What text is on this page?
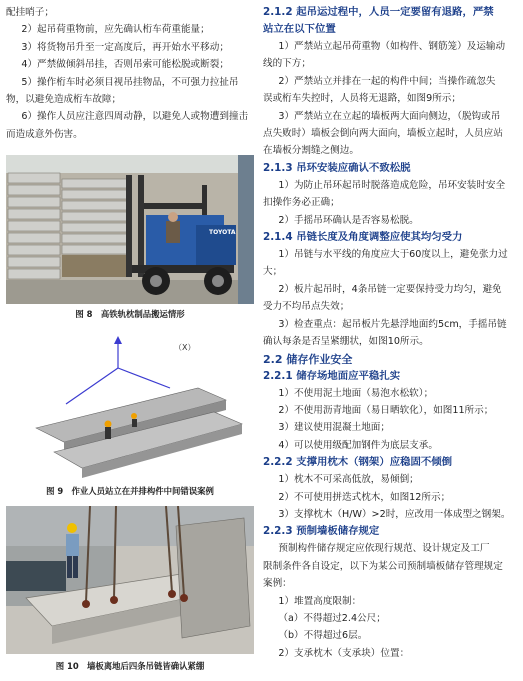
配挂哨子；

2）起吊荷重物前，应先确认桁车荷重能量；

3）将货物吊升至一定高度后，再开始水平移动；

4）严禁做倾斜吊挂，否则吊索可能松脱或断裂；

5）操作桁车时必须目视吊挂物品，不可强力拉扯吊

物，以避免造成桁车故障；

6）操作人员应注意四周动静，以避免人或物遭到撞击

而造成意外伤害。

TOYOTA
图 8　高铁轨枕制品搬运情形
（X）
图 9　作业人员站立在并排构件中间错误案例
图 10　墙板离地后四条吊链皆确认紧绷

2.1.2 起吊运过程中，人员一定要留有退路，严禁

站立在以下位置

1）严禁站立起吊荷重物（如构件、钢筋笼）及运输动

线的下方；

2）严禁站立并排在一起的构件中间；当操作疏忽失

误或桁车失控时，人员将无退路，如图9所示；

3）严禁站立在立起的墙板两大面向侧边，（脱钩或吊

点失败时）墙板会倒向两大面向，墙板立起时，人员应站

在墙板分割缝之侧边。

2.1.3 吊环安装应确认不致松脱

1）为防止吊环起吊时脱落造成危险，吊环安装时安全

扣操作务必正确；

2）手摇吊环确认是否容易松脱。

2.1.4 吊链长度及角度调整应使其均匀受力

1）吊链与水平线的角度应大于60度以上，避免张力过

大；

2）板片起吊时，4条吊链一定要保持受力均匀，避免

受力不均吊点失效；

3）检查重点：起吊板片先悬浮地面约5cm，手摇吊链

确认每条是否呈紧绷状，如图10所示。

2.2 储存作业安全

2.2.1 储存场地面应平稳扎实

1）不使用泥土地面（易泡水松软）；

2）不使用沥青地面（易日晒软化），如图11所示；

3）建议使用混凝土地面；

4）可以使用级配加钢件为底层支承。

2.2.2 支撑用枕木（钢架）应稳固不倾倒

1）枕木不可采高低放，易倾倒；

2）不可使用拼迭式枕木，如图12所示；

3）支撑枕木（H/W）>2时，应改用一体成型之钢架。

2.2.3 预制墙板储存规定

预制构件储存规定应依现行规范、设计规定及工厂

限制条件各自设定，以下为某公司预制墙板储存管理规定

案例：

1）堆置高度限制：

（a）不得超过2.4公尺；

（b）不得超过6层。

2）支承枕木（支承块）位置：
